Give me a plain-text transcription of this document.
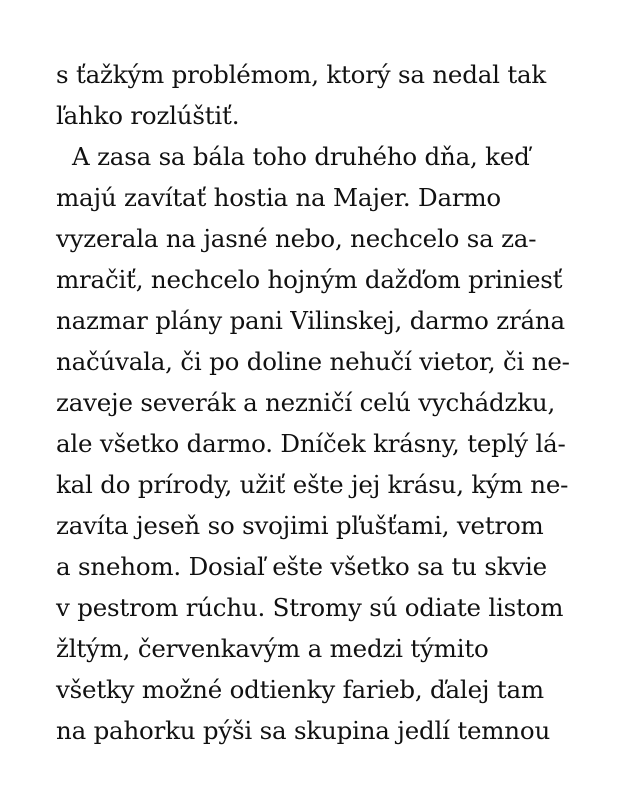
s ťažkým problémom, ktorý sa nedal tak
ľahko rozlúštiť.
A zasa sa bála toho druhého dňa, keď
majú zavítať hostia na Majer. Darmo
vyzerala na jasné nebo, nechcelo sa za-
mračiť, nechcelo hojným dažďom priniesť
nazmar plány pani Vilinskej, darmo zrána
načúvala, či po doline nehučí vietor, či ne-
zaveje severák a nezničí celú vychádzku,
ale všetko darmo. Dníček krásny, teplý lá-
kal do prírody, užiť ešte jej krásu, kým ne-
zavíta jeseň so svojimi pľušťami, vetrom
a snehom. Dosiaľ ešte všetko sa tu skvie
v pestrom rúchu. Stromy sú odiate listom
žltým, červenkavým a medzi týmito
všetky možné odtienky farieb, ďalej tam
na pahorku pýši sa skupina jedlí temnou
